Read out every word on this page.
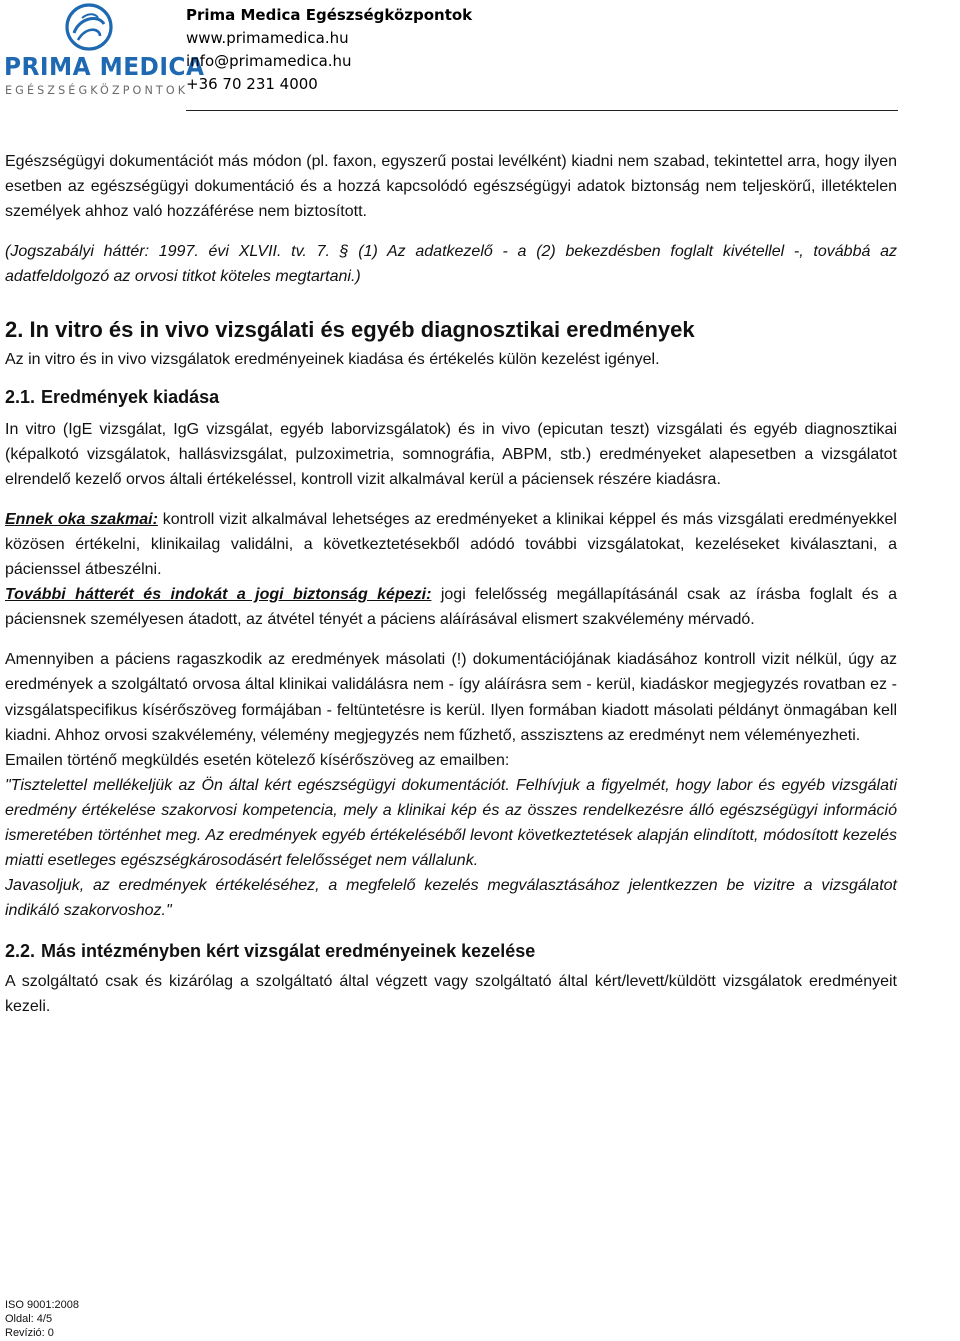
PRIMA MEDICA
EGÉSZSÉGKÖZPONTOK
Prima Medica Egészségközpontok
www.primamedica.hu
info@primamedica.hu
+36 70 231 4000

Egészségügyi dokumentációt más módon (pl. faxon, egyszerű postai levélként) kiadni nem szabad, tekintettel arra, hogy ilyen esetben az egészségügyi dokumentáció és a hozzá kapcsolódó egészségügyi adatok biztonság nem teljeskörű, illetéktelen személyek ahhoz való hozzáférése nem biztosított.

(Jogszabályi háttér: 1997. évi XLVII. tv. 7. § (1) Az adatkezelő - a (2) bekezdésben foglalt kivétellel -, továbbá az adatfeldolgozó az orvosi titkot köteles megtartani.)

2. In vitro és in vivo vizsgálati és egyéb diagnosztikai eredmények

Az in vitro és in vivo vizsgálatok eredményeinek kiadása és értékelés külön kezelést igényel.

2.1. Eredmények kiadása

In vitro (IgE vizsgálat, IgG vizsgálat, egyéb laborvizsgálatok) és in vivo (epicutan teszt) vizsgálati és egyéb diagnosztikai (képalkotó vizsgálatok, hallásvizsgálat, pulzoximetria, somnográfia, ABPM, stb.) eredményeket alapesetben a vizsgálatot elrendelő kezelő orvos általi értékeléssel, kontroll vizit alkalmával kerül a páciensek részére kiadásra.

Ennek oka szakmai: kontroll vizit alkalmával lehetséges az eredményeket a klinikai képpel és más vizsgálati eredményekkel közösen értékelni, klinikailag validálni, a következtetésekből adódó további vizsgálatokat, kezeléseket kiválasztani, a pácienssel átbeszélni.

További hátterét és indokát a jogi biztonság képezi: jogi felelősség megállapításánál csak az írásba foglalt és a páciensnek személyesen átadott, az átvétel tényét a páciens aláírásával elismert szakvélemény mérvadó.

Amennyiben a páciens ragaszkodik az eredmények másolati (!) dokumentációjának kiadásához kontroll vizit nélkül, úgy az eredmények a szolgáltató orvosa által klinikai validálásra nem - így aláírásra sem - kerül, kiadáskor megjegyzés rovatban ez - vizsgálatspecifikus kísérőszöveg formájában - feltüntetésre is kerül. Ilyen formában kiadott másolati példányt önmagában kell kiadni. Ahhoz orvosi szakvélemény, vélemény megjegyzés nem fűzhető, asszisztens az eredményt nem véleményezheti.

Emailen történő megküldés esetén kötelező kísérőszöveg az emailben:

"Tisztelettel mellékeljük az Ön által kért egészségügyi dokumentációt. Felhívjuk a figyelmét, hogy labor és egyéb vizsgálati eredmény értékelése szakorvosi kompetencia, mely a klinikai kép és az összes rendelkezésre álló egészségügyi információ ismeretében történhet meg. Az eredmények egyéb értékeléséből levont következtetések alapján elindított, módosított kezelés miatti esetleges egészségkárosodásért felelősséget nem vállalunk.

Javasoljuk, az eredmények értékeléséhez, a megfelelő kezelés megválasztásához jelentkezzen be vizitre a vizsgálatot indikáló szakorvoshoz."

2.2. Más intézményben kért vizsgálat eredményeinek kezelése

A szolgáltató csak és kizárólag a szolgáltató által végzett vagy szolgáltató által kért/levett/küldött vizsgálatok eredményeit kezeli.

ISO 9001:2008
Oldal: 4/5
Revízió: 0
